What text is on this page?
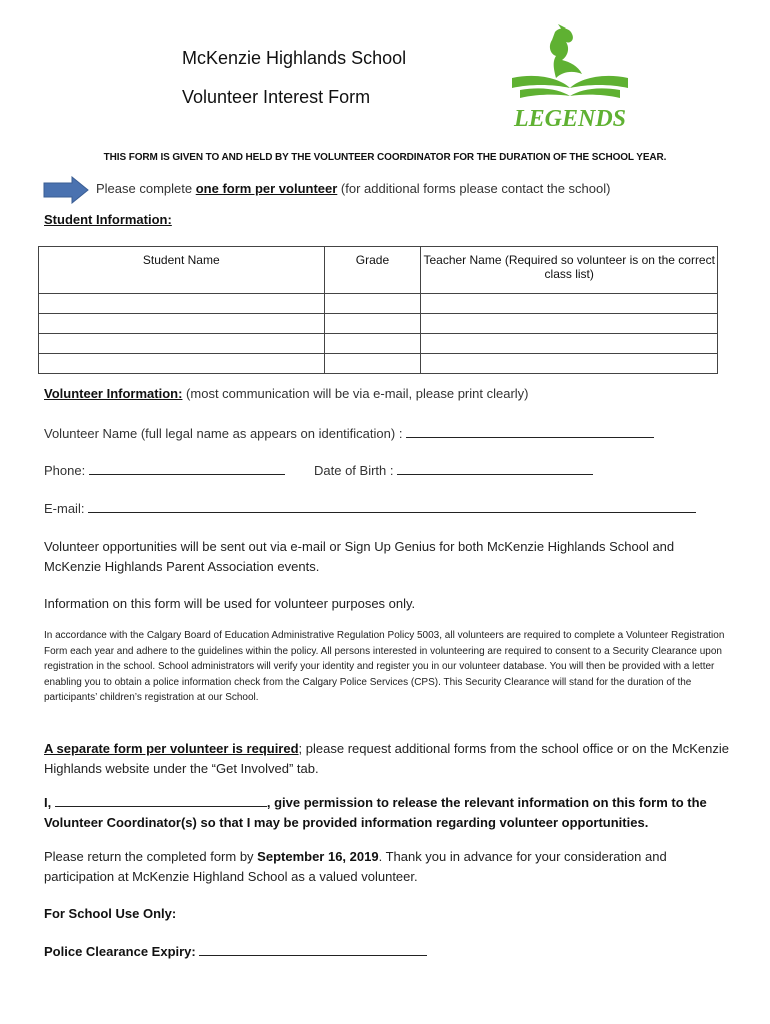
McKenzie Highlands School
Volunteer Interest Form
LEGENDS
THIS FORM IS GIVEN TO AND HELD BY THE VOLUNTEER COORDINATOR FOR THE DURATION OF THE SCHOOL YEAR.
Please complete one form per volunteer (for additional forms please contact the school)
Student Information:
Student Name	Grade	Teacher Name (Required so volunteer is on the correct class list)

Volunteer Information: (most communication will be via e-mail, please print clearly)
Volunteer Name (full legal name as appears on identification) :
Phone:	Date of Birth :
E-mail:
Volunteer opportunities will be sent out via e-mail or Sign Up Genius for both McKenzie Highlands School and McKenzie Highlands Parent Association events.
Information on this form will be used for volunteer purposes only.
In accordance with the Calgary Board of Education Administrative Regulation Policy 5003, all volunteers are required to complete a Volunteer Registration Form each year and adhere to the guidelines within the policy. All persons interested in volunteering are required to consent to a Security Clearance upon registration in the school. School administrators will verify your identity and register you in our volunteer database. You will then be provided with a letter enabling you to obtain a police information check from the Calgary Police Services (CPS). This Security Clearance will stand for the duration of the participants’ children’s registration at our School.
A separate form per volunteer is required; please request additional forms from the school office or on the McKenzie Highlands website under the “Get Involved” tab.
I,	, give permission to release the relevant information on this form to the Volunteer Coordinator(s) so that I may be provided information regarding volunteer opportunities.
Please return the completed form by September 16, 2019. Thank you in advance for your consideration and participation at McKenzie Highland School as a valued volunteer.
For School Use Only:
Police Clearance Expiry:
